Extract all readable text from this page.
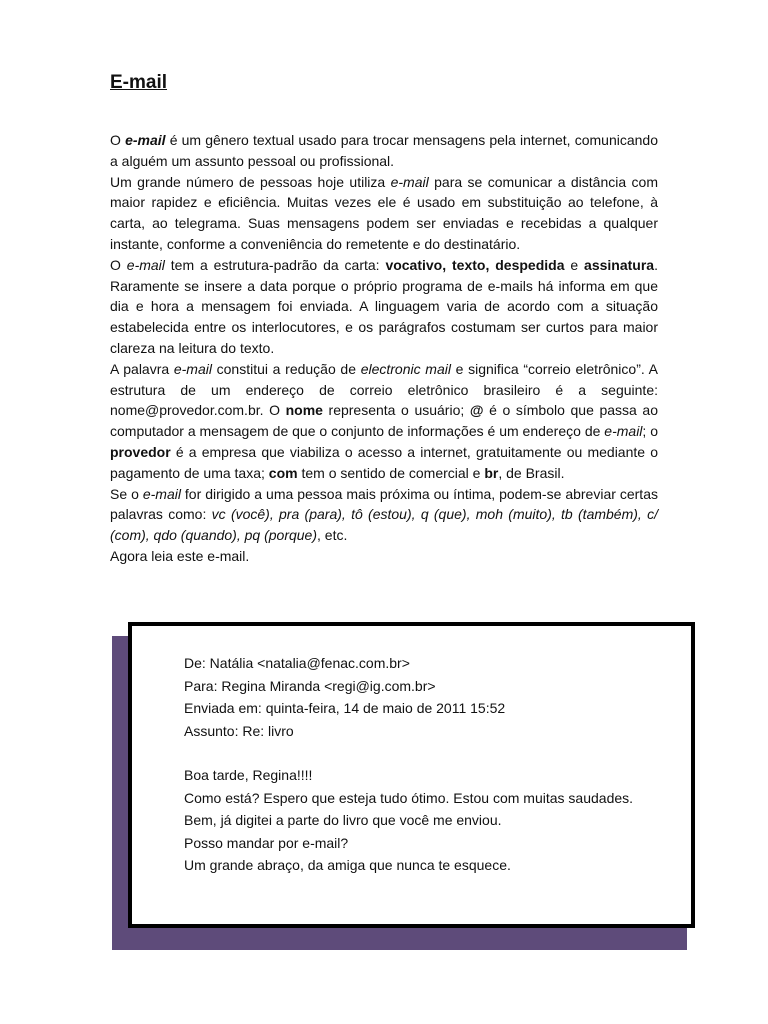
E-mail

O e-mail é um gênero textual usado para trocar mensagens pela internet, comunicando a alguém um assunto pessoal ou profissional.

Um grande número de pessoas hoje utiliza e-mail para se comunicar a distância com maior rapidez e eficiência. Muitas vezes ele é usado em substituição ao telefone, à carta, ao telegrama. Suas mensagens podem ser enviadas e recebidas a qualquer instante, conforme a conveniência do remetente e do destinatário.

O e-mail tem a estrutura-padrão da carta: vocativo, texto, despedida e assinatura. Raramente se insere a data porque o próprio programa de e-mails há informa em que dia e hora a mensagem foi enviada. A linguagem varia de acordo com a situação estabelecida entre os interlocutores, e os parágrafos costumam ser curtos para maior clareza na leitura do texto.

A palavra e-mail constitui a redução de electronic mail e significa “correio eletrônico”. A estrutura de um endereço de correio eletrônico brasileiro é a seguinte: nome@provedor.com.br. O nome representa o usuário; @ é o símbolo que passa ao computador a mensagem de que o conjunto de informações é um endereço de e-mail; o provedor é a empresa que viabiliza o acesso a internet, gratuitamente ou mediante o pagamento de uma taxa; com tem o sentido de comercial e br, de Brasil.

Se o e-mail for dirigido a uma pessoa mais próxima ou íntima, podem-se abreviar certas palavras como: vc (você), pra (para), tô (estou), q (que), moh (muito), tb (também), c/ (com), qdo (quando), pq (porque), etc.

Agora leia este e-mail.

De: Natália <natalia@fenac.com.br>

Para: Regina Miranda <regi@ig.com.br>

Enviada em: quinta-feira, 14 de maio de 2011 15:52

Assunto: Re: livro

Boa tarde, Regina!!!!

Como está? Espero que esteja tudo ótimo. Estou com muitas saudades.

Bem, já digitei a parte do livro que você me enviou.

Posso mandar por e-mail?

Um grande abraço, da amiga que nunca te esquece.
